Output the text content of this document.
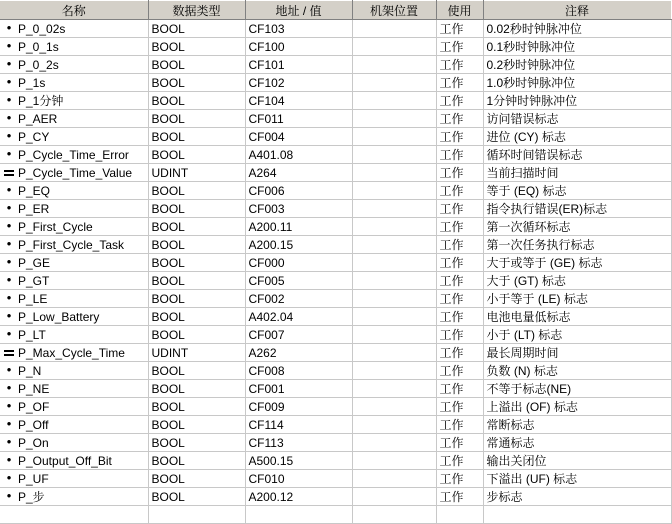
名称	数据类型	地址 / 值	机架位置	使用	注释

•
P_0_02s	BOOL	CF103		工作	0.02秒时钟脉冲位

•
P_0_1s	BOOL	CF100		工作	0.1秒时钟脉冲位

•
P_0_2s	BOOL	CF101		工作	0.2秒时钟脉冲位

•
P_1s	BOOL	CF102		工作	1.0秒时钟脉冲位

•
P_1分钟	BOOL	CF104		工作	1分钟时钟脉冲位

•
P_AER	BOOL	CF011		工作	访问错误标志

•
P_CY	BOOL	CF004		工作	进位 (CY) 标志

•
P_Cycle_Time_Error	BOOL	A401.08		工作	循环时间错误标志

P_Cycle_Time_Value	UDINT	A264		工作	当前扫描时间

•
P_EQ	BOOL	CF006		工作	等于 (EQ) 标志

•
P_ER	BOOL	CF003		工作	指令执行错误(ER)标志

•
P_First_Cycle	BOOL	A200.11		工作	第一次循环标志

•
P_First_Cycle_Task	BOOL	A200.15		工作	第一次任务执行标志

•
P_GE	BOOL	CF000		工作	大于或等于 (GE) 标志

•
P_GT	BOOL	CF005		工作	大于 (GT) 标志

•
P_LE	BOOL	CF002		工作	小于等于 (LE) 标志

•
P_Low_Battery	BOOL	A402.04		工作	电池电量低标志

•
P_LT	BOOL	CF007		工作	小于 (LT) 标志

P_Max_Cycle_Time	UDINT	A262		工作	最长周期时间

•
P_N	BOOL	CF008		工作	负数 (N) 标志

•
P_NE	BOOL	CF001		工作	不等于标志(NE)

•
P_OF	BOOL	CF009		工作	上溢出 (OF) 标志

•
P_Off	BOOL	CF114		工作	常断标志

•
P_On	BOOL	CF113		工作	常通标志

•
P_Output_Off_Bit	BOOL	A500.15		工作	输出关闭位

•
P_UF	BOOL	CF010		工作	下溢出 (UF) 标志

•
P_步	BOOL	A200.12		工作	步标志
